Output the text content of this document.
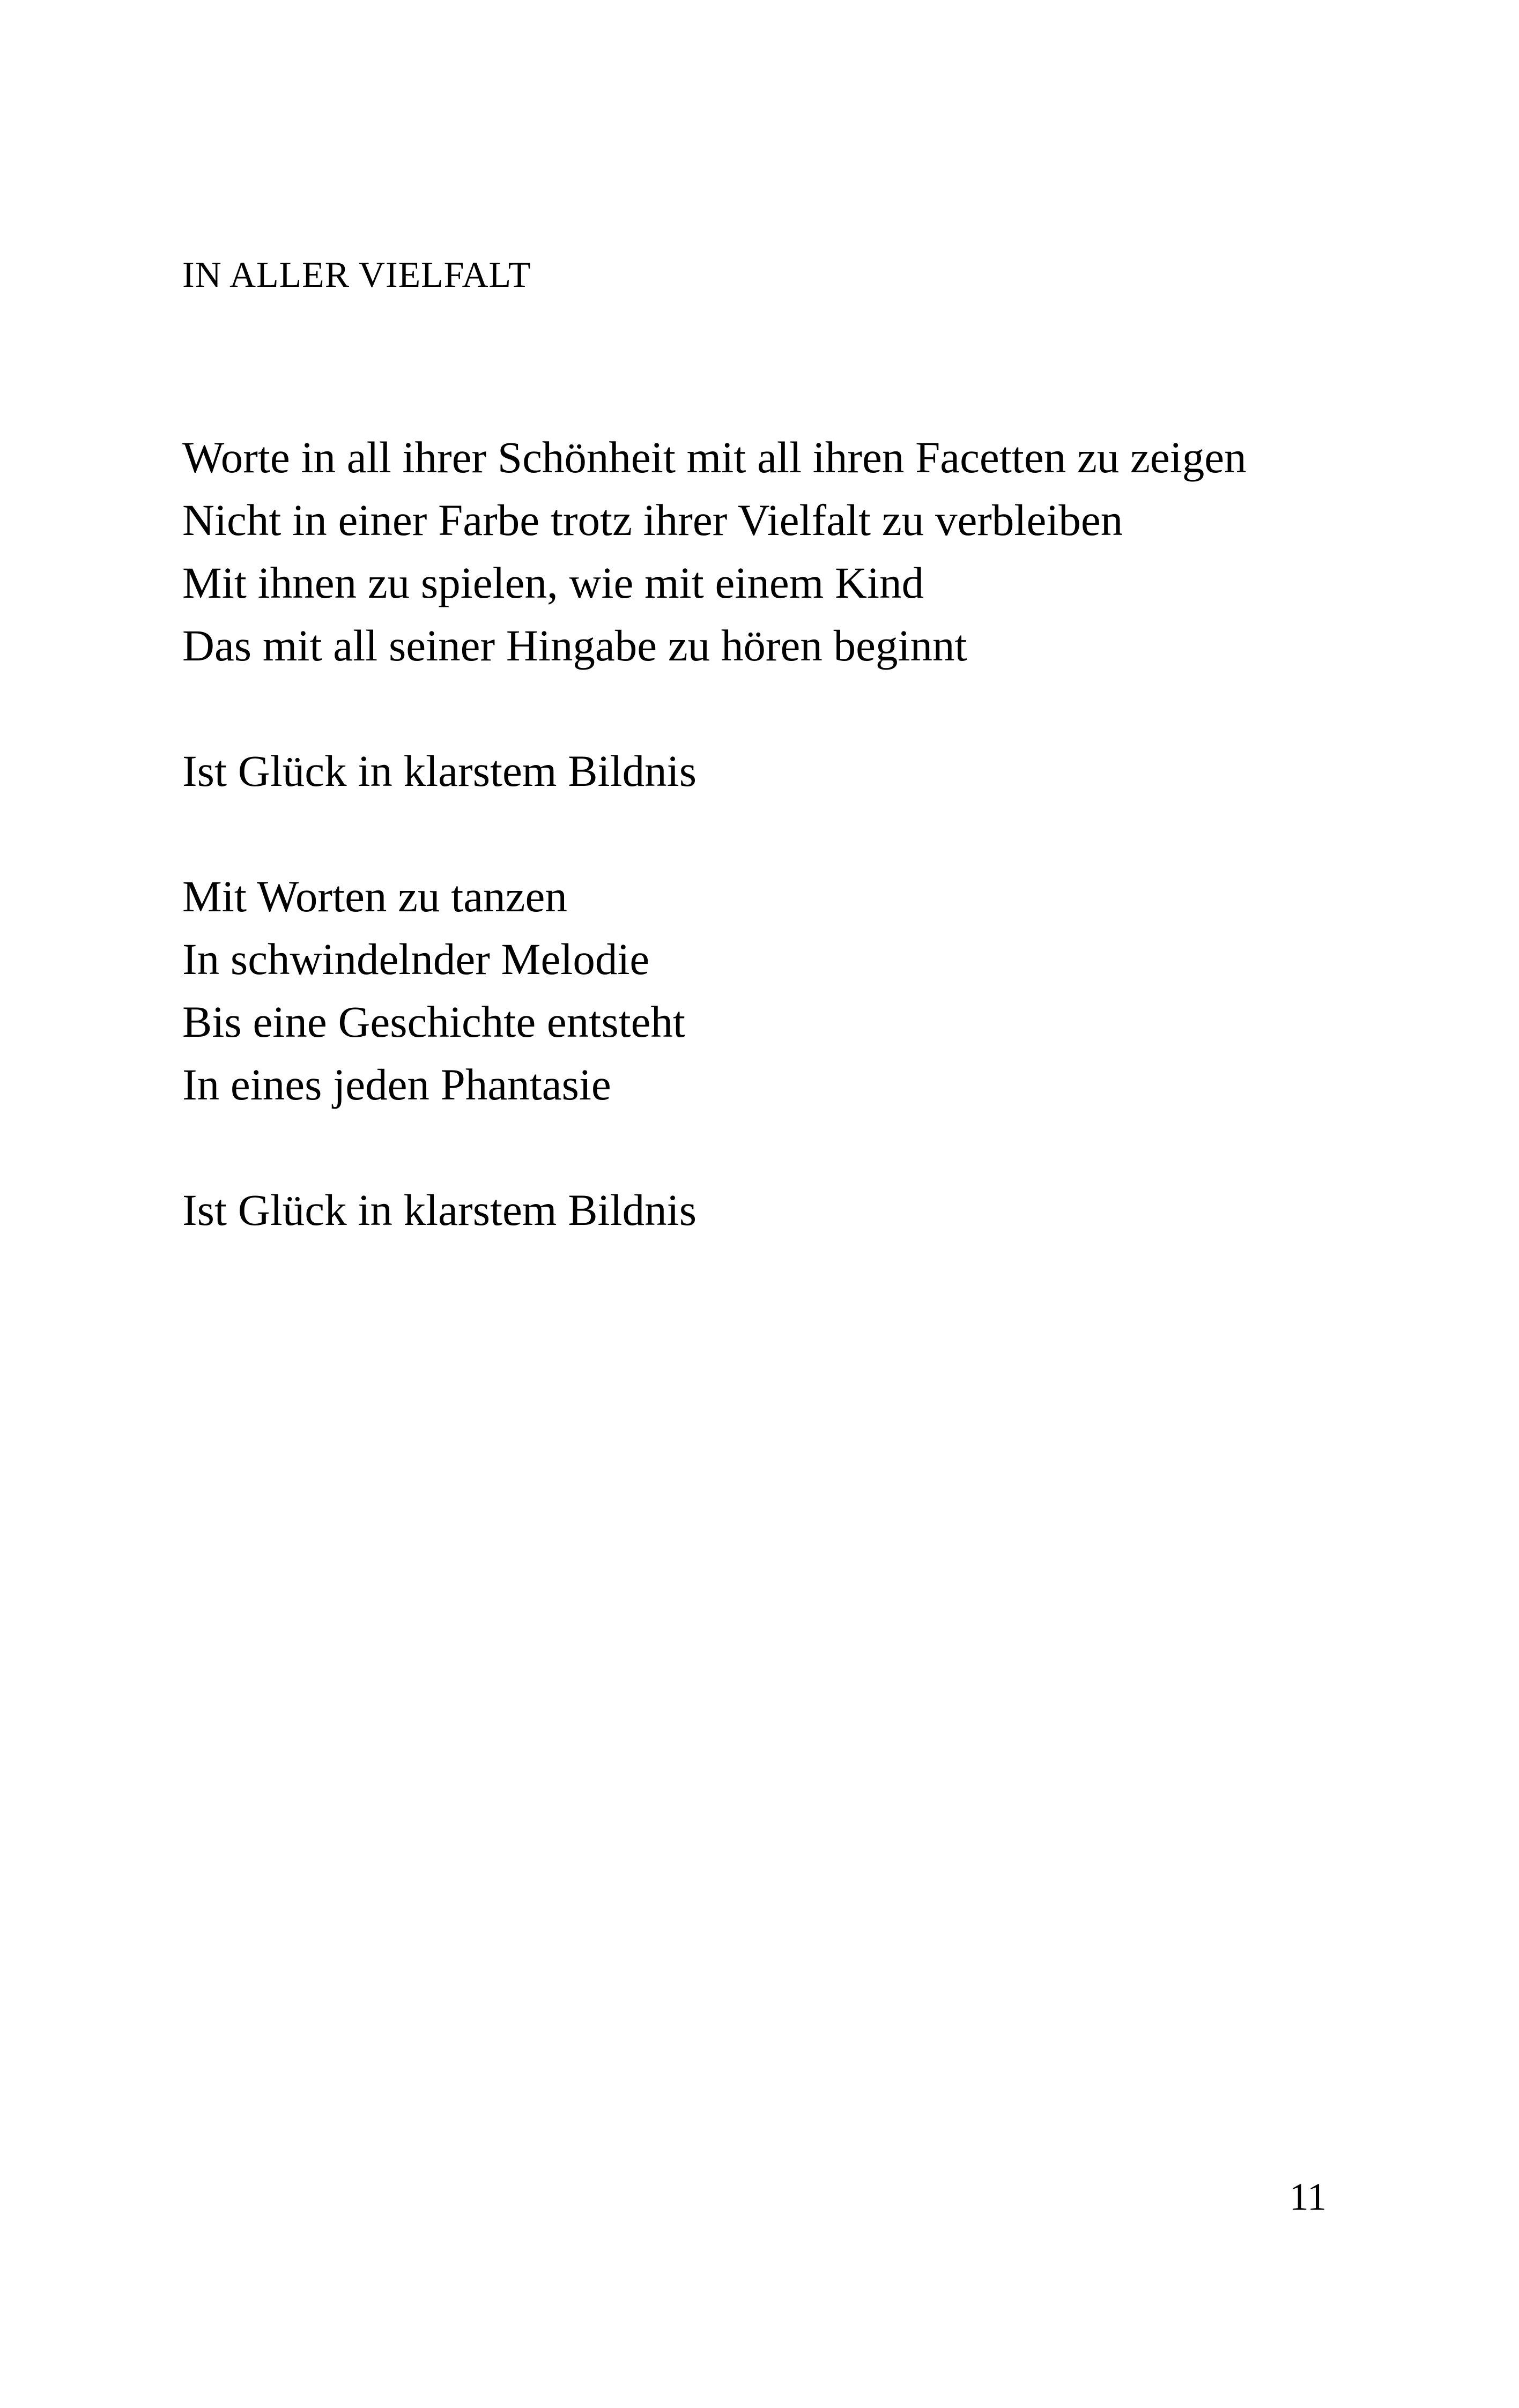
IN ALLER VIELFALT
Worte in all ihrer Schönheit mit all ihren Facetten zu zeigen
Nicht in einer Farbe trotz ihrer Vielfalt zu verbleiben
Mit ihnen zu spielen, wie mit einem Kind
Das mit all seiner Hingabe zu hören beginnt
Ist Glück in klarstem Bildnis
Mit Worten zu tanzen
In schwindelnder Melodie
Bis eine Geschichte entsteht
In eines jeden Phantasie
Ist Glück in klarstem Bildnis
11
